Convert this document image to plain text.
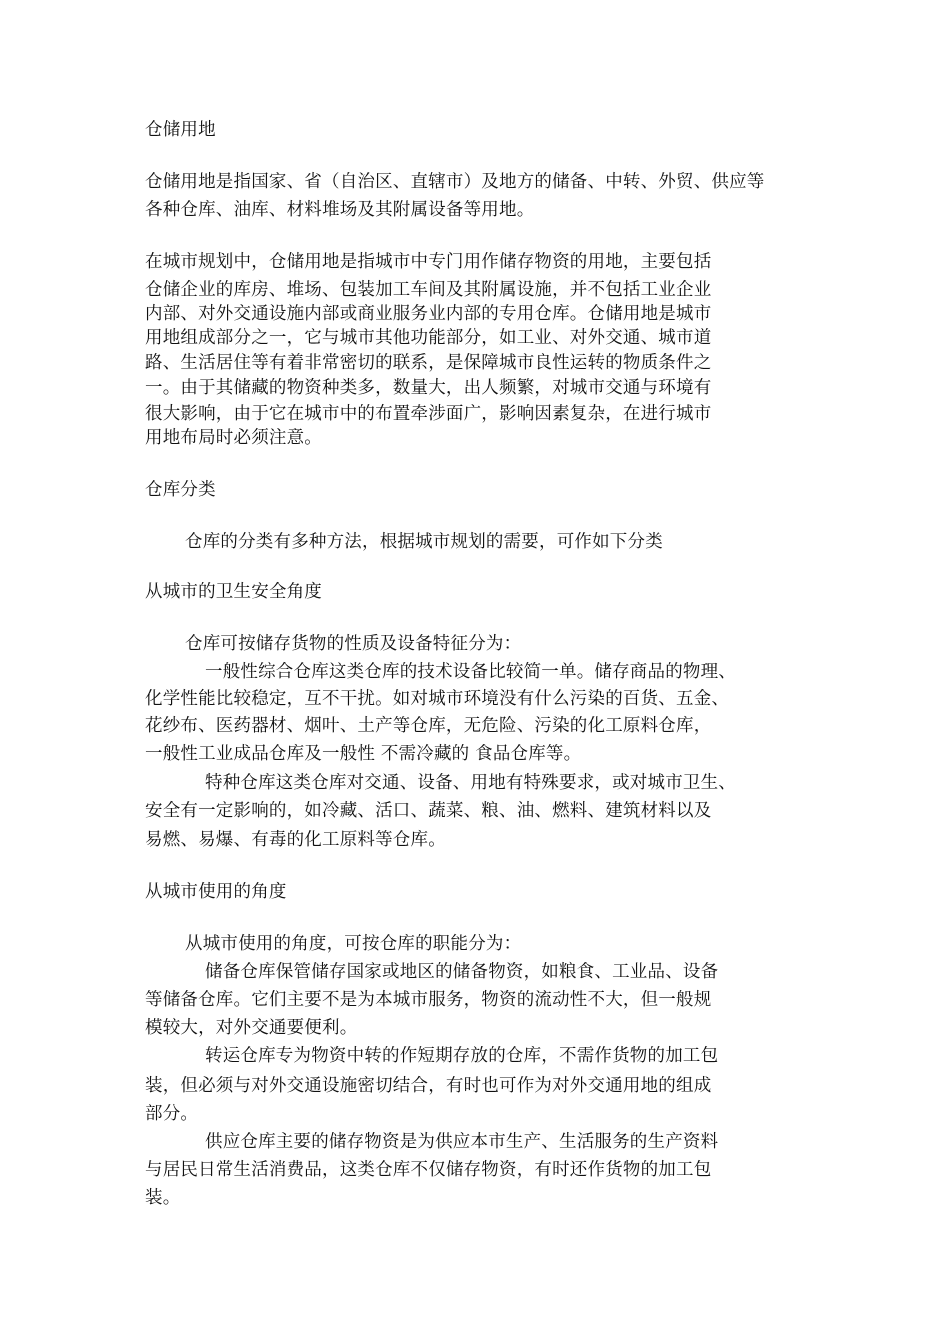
仓储用地
仓储用地是指国家、省（自治区、直辖市）及地方的储备、中转、外贸、供应等
各种仓库、油库、材料堆场及其附属设备等用地。
在城市规划中，仓储用地是指城市中专门用作储存物资的用地，主要包括
仓储企业的库房、堆场、包装加工车间及其附属设施，并不包括工业企业
内部、对外交通设施内部或商业服务业内部的专用仓库。仓储用地是城市
用地组成部分之一，它与城市其他功能部分，如工业、对外交通、城市道
路、生活居住等有着非常密切的联系，是保障城市良性运转的物质条件之
一。由于其储藏的物资种类多，数量大，出人频繁，对城市交通与环境有
很大影响，由于它在城市中的布置牵涉面广，影响因素复杂，在进行城市
用地布局时必须注意。
仓库分类
仓库的分类有多种方法，根据城市规划的需要，可作如下分类
从城市的卫生安全角度
仓库可按储存货物的性质及设备特征分为：
一般性综合仓库这类仓库的技术设备比较简一单。储存商品的物理、
化学性能比较稳定，互不干扰。如对城市环境没有什么污染的百货、五金、
花纱布、医药器材、烟叶、土产等仓库，无危险、污染的化工原料仓库，
一般性工业成品仓库及一般性 不需冷藏的 食品仓库等。
特种仓库这类仓库对交通、设备、用地有特殊要求，或对城市卫生、
安全有一定影响的，如冷藏、活口、蔬菜、粮、油、燃料、建筑材料以及
易燃、易爆、有毒的化工原料等仓库。
从城市使用的角度
从城市使用的角度，可按仓库的职能分为：
储备仓库保管储存国家或地区的储备物资，如粮食、工业品、设备
等储备仓库。它们主要不是为本城市服务，物资的流动性不大，但一般规
模较大，对外交通要便利。
转运仓库专为物资中转的作短期存放的仓库，不需作货物的加工包
装，但必须与对外交通设施密切结合，有时也可作为对外交通用地的组成
部分。
供应仓库主要的储存物资是为供应本市生产、生活服务的生产资料
与居民日常生活消费品，这类仓库不仅储存物资，有时还作货物的加工包
装。
